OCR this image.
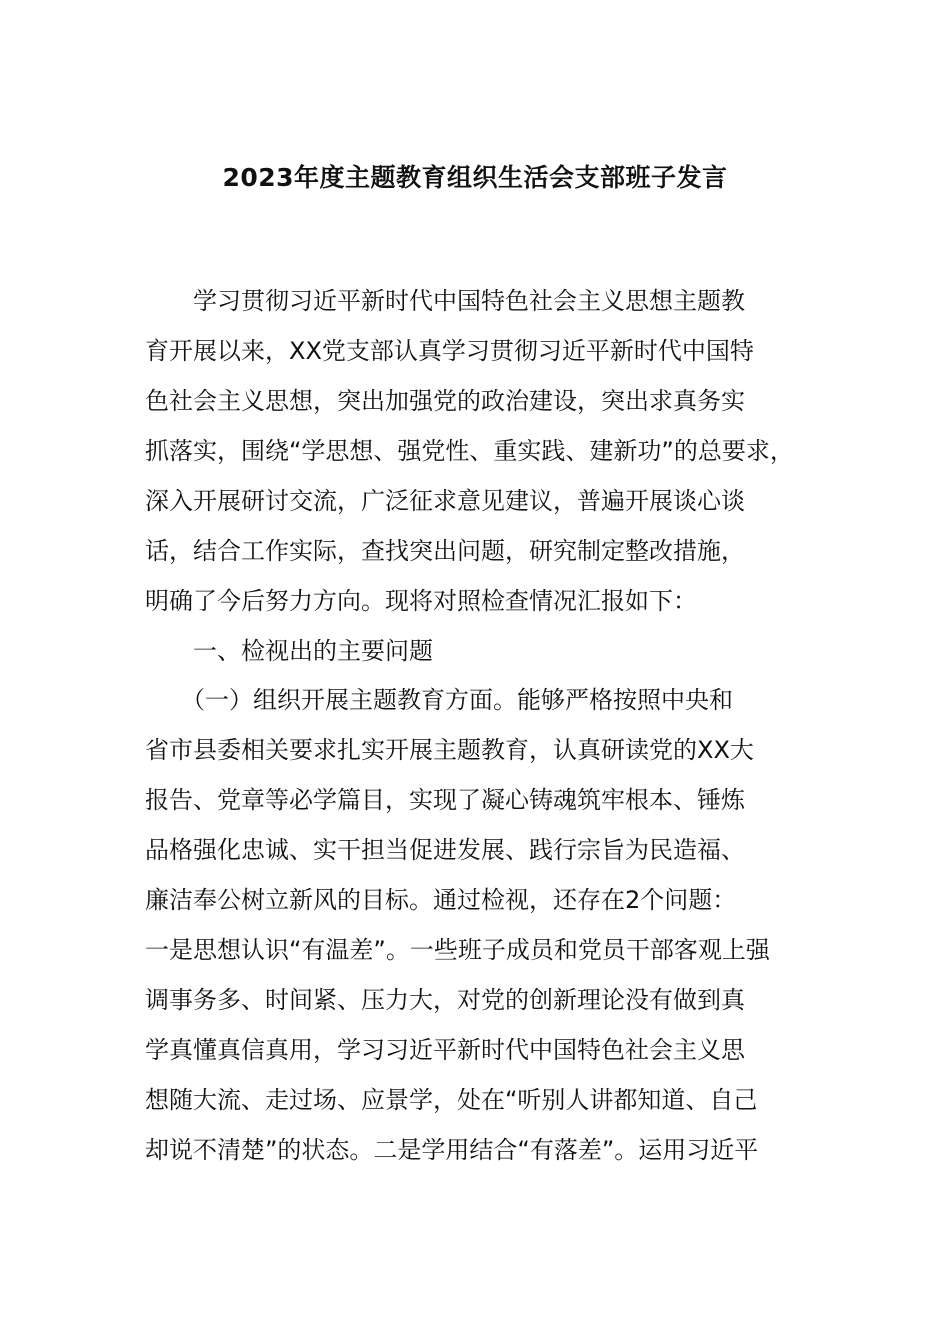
2023年度主题教育组织生活会支部班子发言
　　学习贯彻习近平新时代中国特色社会主义思想主题教
育开展以来，XX党支部认真学习贯彻习近平新时代中国特
色社会主义思想，突出加强党的政治建设，突出求真务实
抓落实，围绕“学思想、强党性、重实践、建新功”的总要求，
深入开展研讨交流，广泛征求意见建议，普遍开展谈心谈
话，结合工作实际，查找突出问题，研究制定整改措施，
明确了今后努力方向。现将对照检查情况汇报如下：
　　一、检视出的主要问题
　　（一）组织开展主题教育方面。能够严格按照中央和
省市县委相关要求扎实开展主题教育，认真研读党的XX大
报告、党章等必学篇目，实现了凝心铸魂筑牢根本、锤炼
品格强化忠诚、实干担当促进发展、践行宗旨为民造福、
廉洁奉公树立新风的目标。通过检视，还存在2个问题：
一是思想认识“有温差”。一些班子成员和党员干部客观上强
调事务多、时间紧、压力大，对党的创新理论没有做到真
学真懂真信真用，学习习近平新时代中国特色社会主义思
想随大流、走过场、应景学，处在“听别人讲都知道、自己
却说不清楚”的状态。二是学用结合“有落差”。运用习近平
